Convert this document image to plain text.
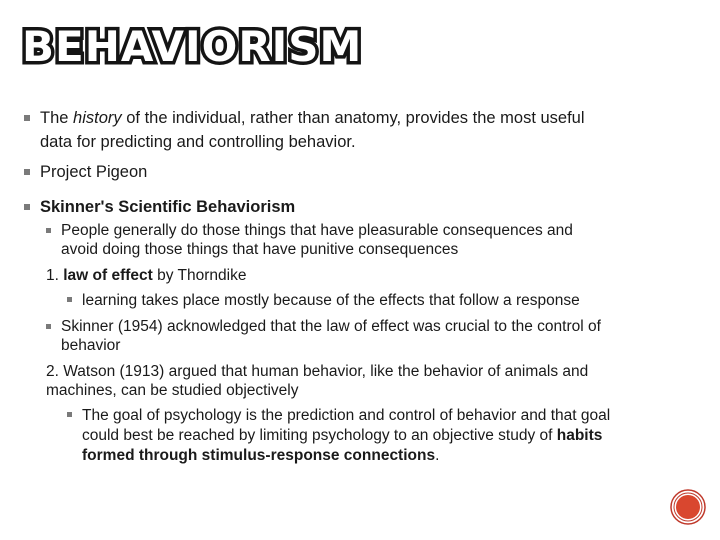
BEHAVIORISM
The history of the individual, rather than anatomy, provides the most useful
data for predicting and controlling behavior.
Project Pigeon
Skinner's Scientific Behaviorism
People generally do those things that have pleasurable consequences and
avoid doing those things that have punitive consequences
1. law of effect by Thorndike
learning takes place mostly because of the effects that follow a response
Skinner (1954) acknowledged that the law of effect was crucial to the control of
behavior
2. Watson (1913) argued that human behavior, like the behavior of animals and
machines, can be studied objectively
The goal of psychology is the prediction and control of behavior and that goal
could best be reached by limiting psychology to an objective study of habits
formed through stimulus-response connections.
